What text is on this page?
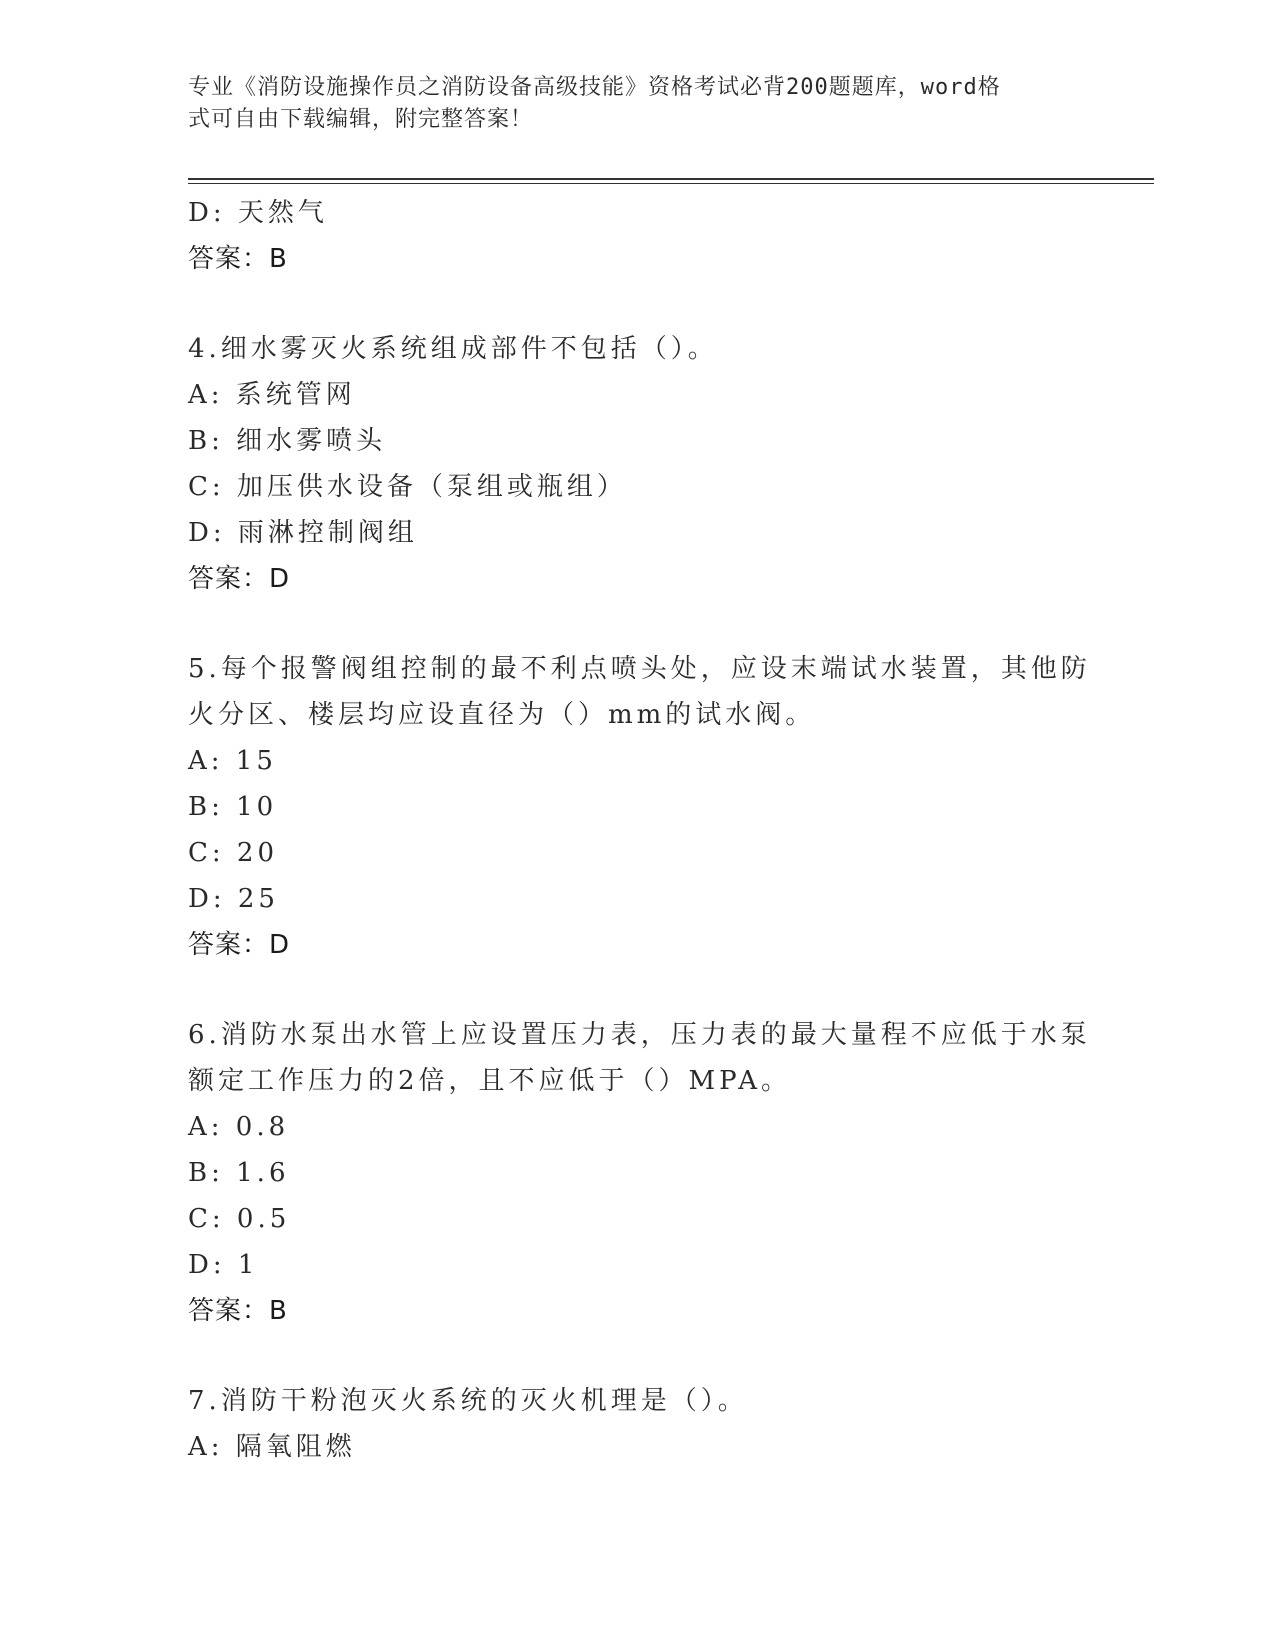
专业《消防设施操作员之消防设备高级技能》资格考试必背200题题库，word格
式可自由下载编辑，附完整答案！
D: 天然气
答案：B
4.细水雾灭火系统组成部件不包括（）。
A: 系统管网
B: 细水雾喷头
C: 加压供水设备（泵组或瓶组）
D: 雨淋控制阀组
答案：D
5.每个报警阀组控制的最不利点喷头处，应设末端试水装置，其他防
火分区、楼层均应设直径为（）mm的试水阀。
A: 15
B: 10
C: 20
D: 25
答案：D
6.消防水泵出水管上应设置压力表，压力表的最大量程不应低于水泵
额定工作压力的2倍，且不应低于（）MPA。
A: 0.8
B: 1.6
C: 0.5
D: 1
答案：B
7.消防干粉泡灭火系统的灭火机理是（）。
A: 隔氧阻燃
